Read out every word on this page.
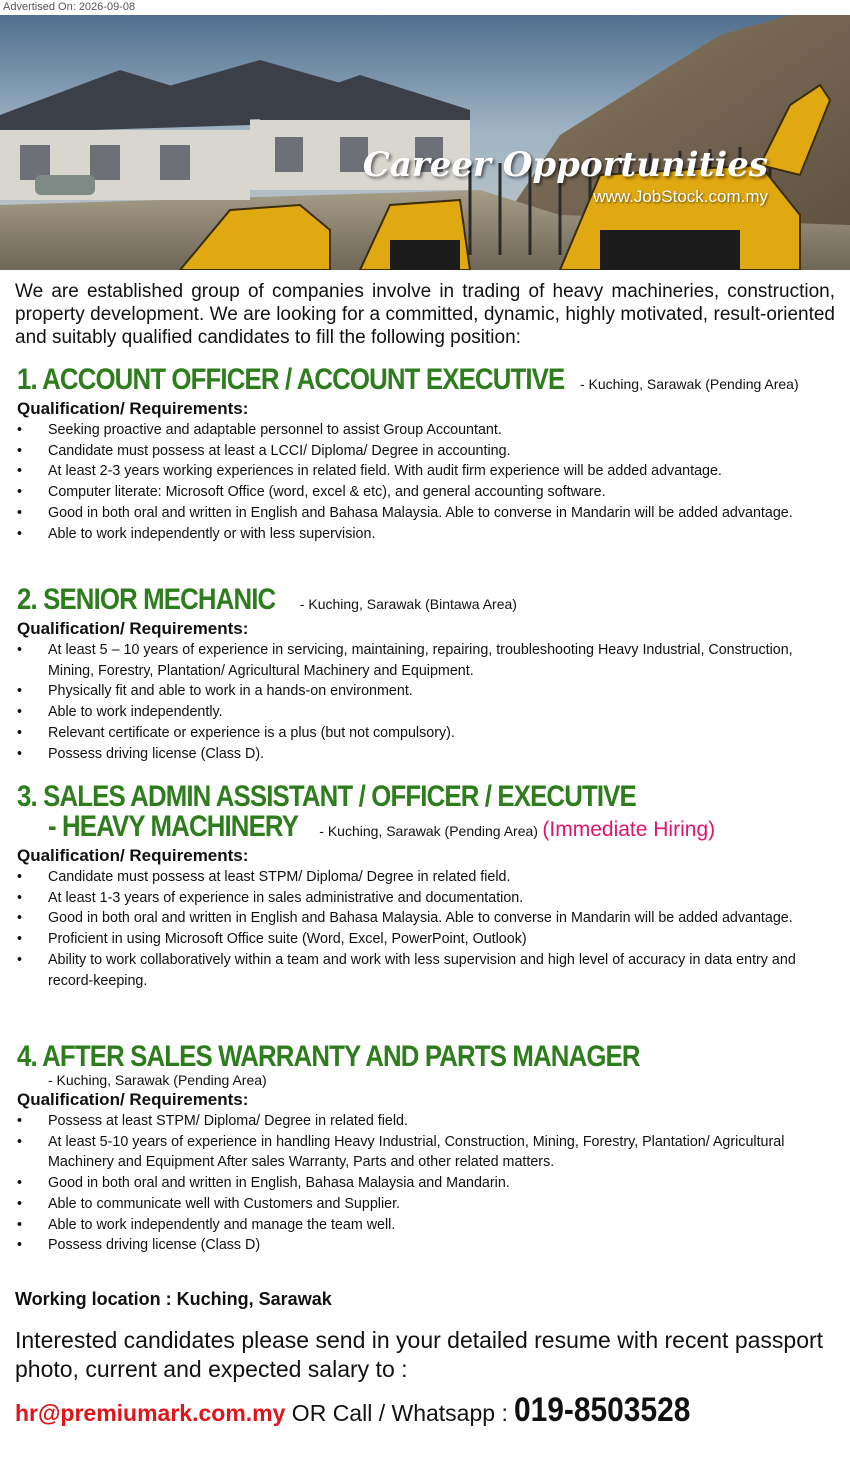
Advertised On: 2026-09-08
Career Opportunities
www.JobStock.com.my
We are established group of companies involve in trading of heavy machineries, construction, property development. We are looking for a committed, dynamic, highly motivated, result-oriented and suitably qualified candidates to fill the following position:
1. ACCOUNT OFFICER / ACCOUNT EXECUTIVE - Kuching, Sarawak (Pending Area)
Qualification/ Requirements:
• Seeking proactive and adaptable personnel to assist Group Accountant.
• Candidate must possess at least a LCCI/ Diploma/ Degree in accounting.
• At least 2-3 years working experiences in related field. With audit firm experience will be added advantage.
• Computer literate: Microsoft Office (word, excel & etc), and general accounting software.
• Good in both oral and written in English and Bahasa Malaysia. Able to converse in Mandarin will be added advantage.
• Able to work independently or with less supervision.
2. SENIOR MECHANIC - Kuching, Sarawak (Bintawa Area)
Qualification/ Requirements:
• At least 5 – 10 years of experience in servicing, maintaining, repairing, troubleshooting Heavy Industrial, Construction, Mining, Forestry, Plantation/ Agricultural Machinery and Equipment.
• Physically fit and able to work in a hands-on environment.
• Able to work independently.
• Relevant certificate or experience is a plus (but not compulsory).
• Possess driving license (Class D).
3. SALES ADMIN ASSISTANT / OFFICER / EXECUTIVE
- HEAVY MACHINERY - Kuching, Sarawak (Pending Area) (Immediate Hiring)
Qualification/ Requirements:
• Candidate must possess at least STPM/ Diploma/ Degree in related field.
• At least 1-3 years of experience in sales administrative and documentation.
• Good in both oral and written in English and Bahasa Malaysia. Able to converse in Mandarin will be added advantage.
• Proficient in using Microsoft Office suite (Word, Excel, PowerPoint, Outlook)
• Ability to work collaboratively within a team and work with less supervision and high level of accuracy in data entry and record-keeping.
4. AFTER SALES WARRANTY AND PARTS MANAGER
- Kuching, Sarawak (Pending Area)
Qualification/ Requirements:
• Possess at least STPM/ Diploma/ Degree in related field.
• At least 5-10 years of experience in handling Heavy Industrial, Construction, Mining, Forestry, Plantation/ Agricultural Machinery and Equipment After sales Warranty, Parts and other related matters.
• Good in both oral and written in English, Bahasa Malaysia and Mandarin.
• Able to communicate well with Customers and Supplier.
• Able to work independently and manage the team well.
• Possess driving license (Class D)
Working location : Kuching, Sarawak
Interested candidates please send in your detailed resume with recent passport photo, current and expected salary to :
hr@premiumark.com.my OR Call / Whatsapp : 019-8503528
